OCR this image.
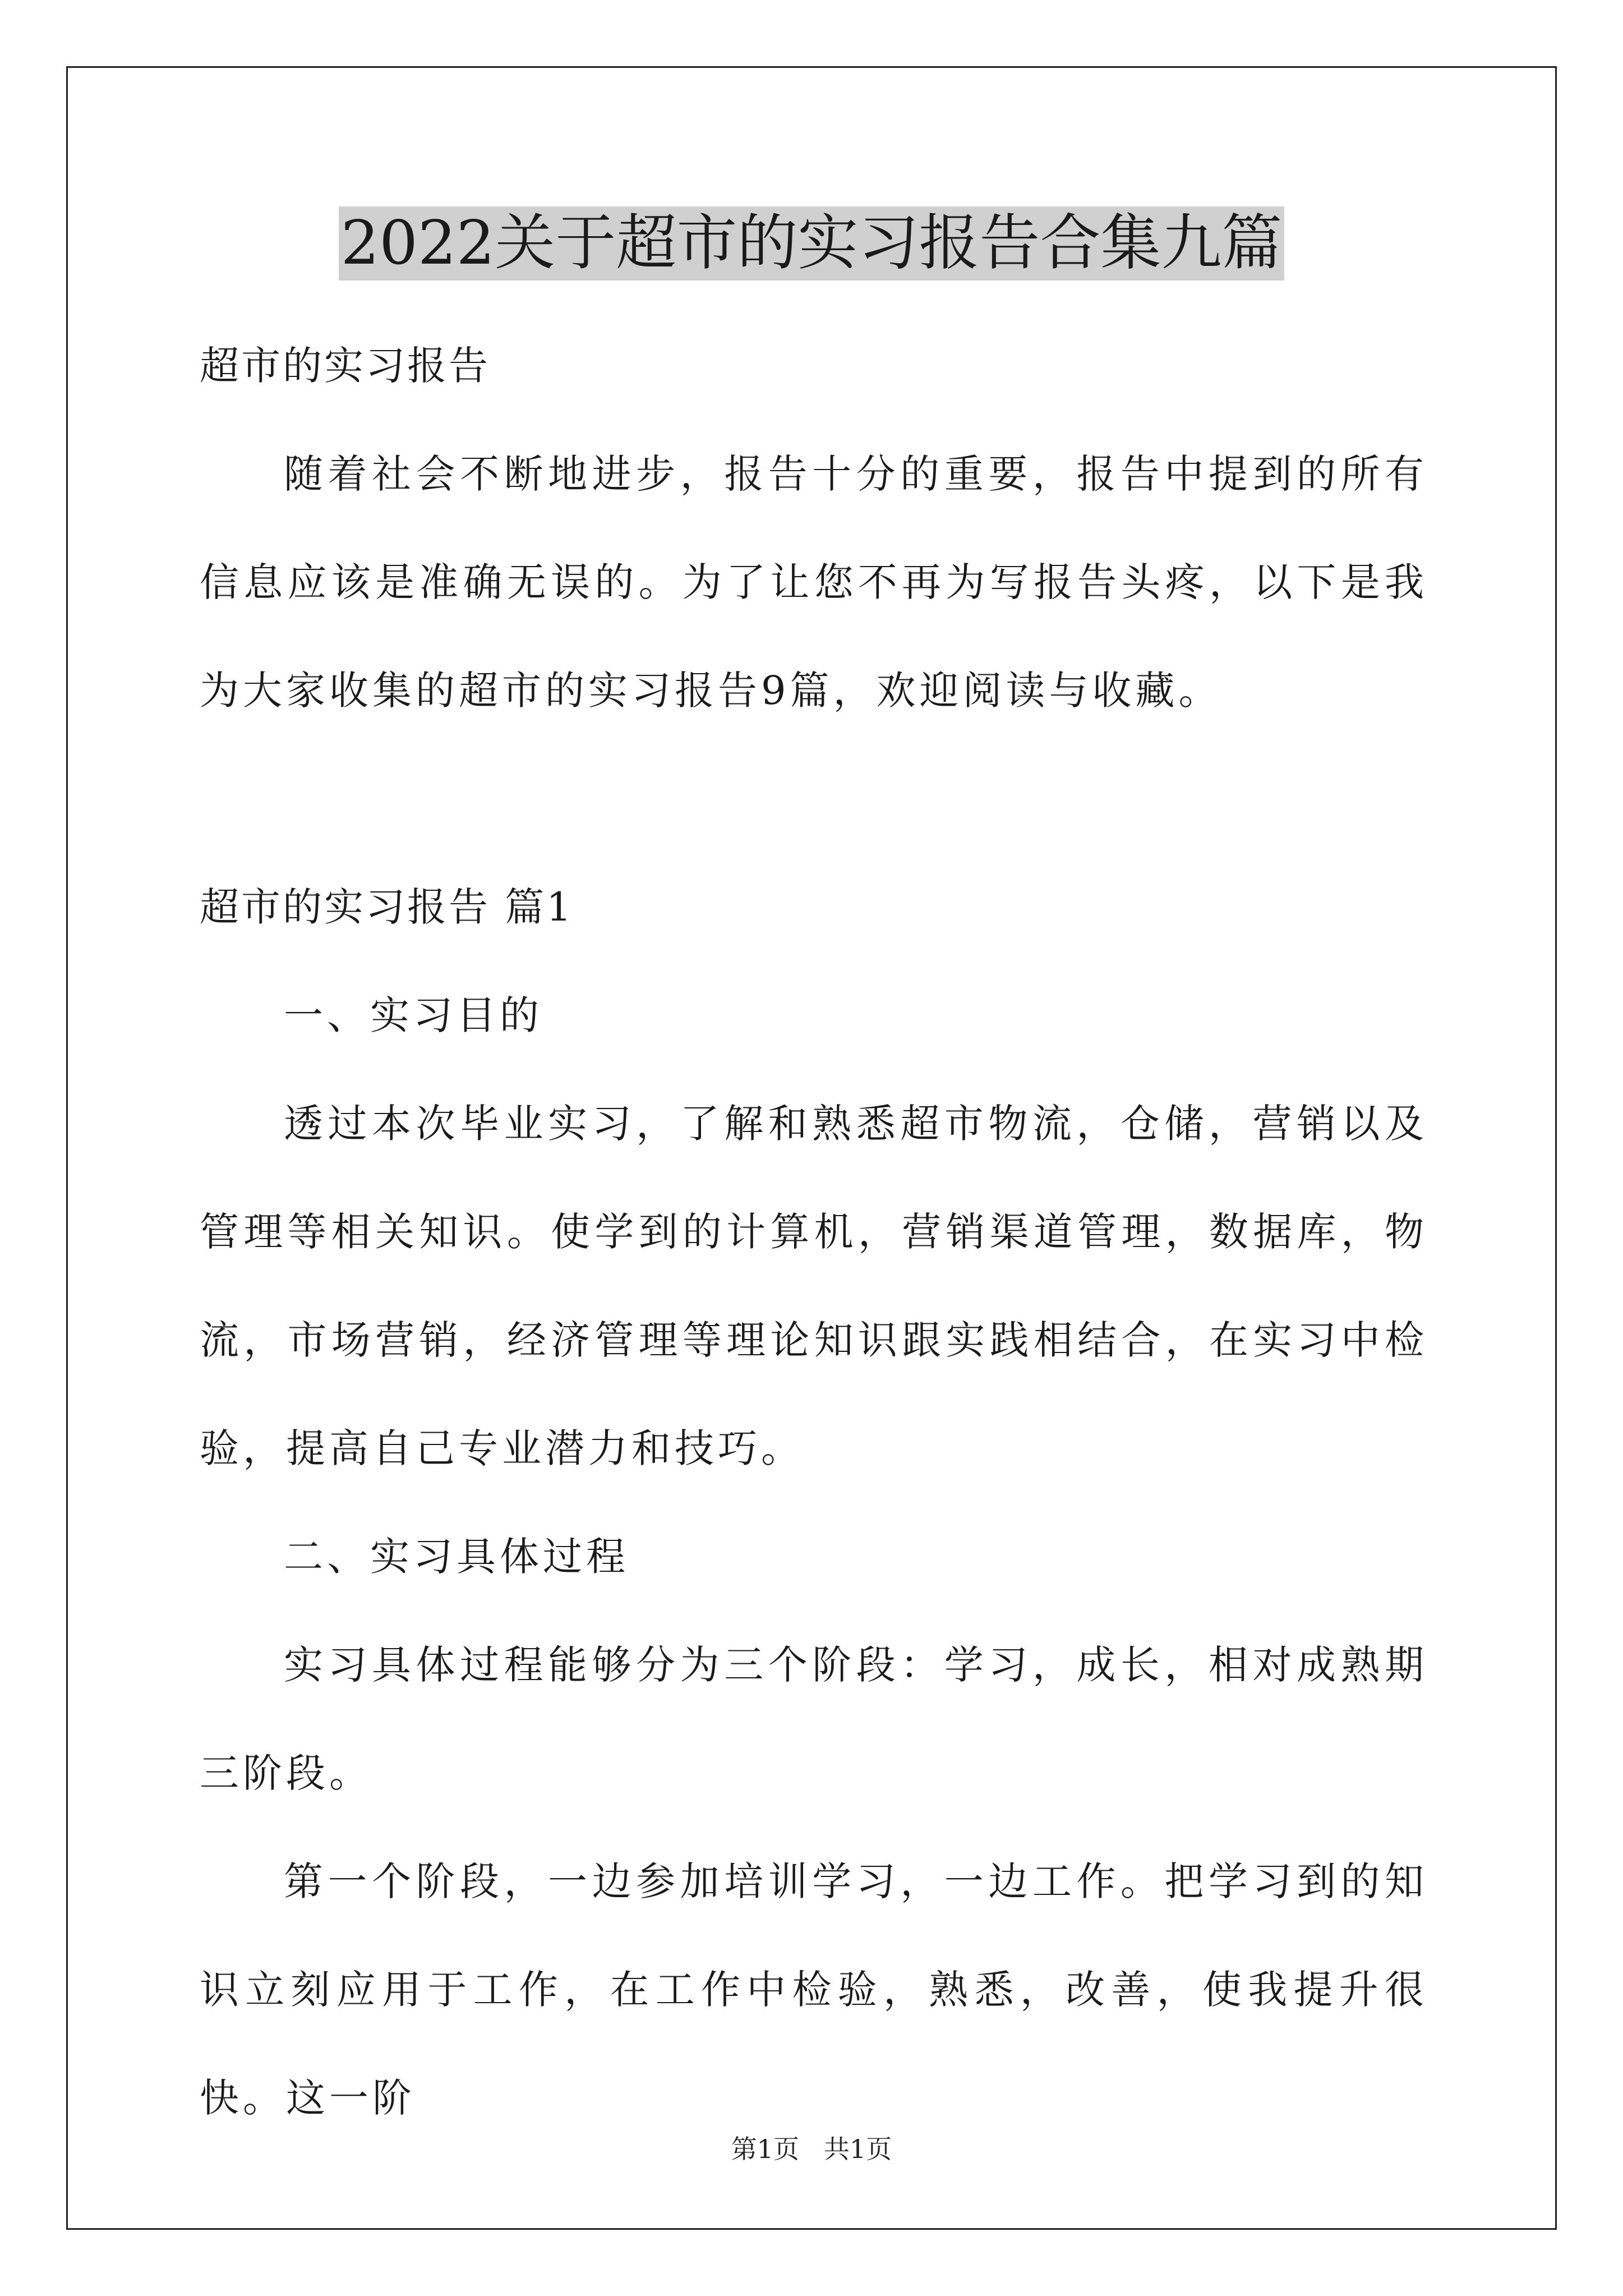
2022关于超市的实习报告合集九篇

超市的实习报告

随着社会不断地进步，报告十分的重要，报告中提到的所有信息应该是准确无误的。为了让您不再为写报告头疼，以下是我为大家收集的超市的实习报告9篇，欢迎阅读与收藏。

超市的实习报告 篇1

一、实习目的

透过本次毕业实习，了解和熟悉超市物流，仓储，营销以及管理等相关知识。使学到的计算机，营销渠道管理，数据库，物流，市场营销，经济管理等理论知识跟实践相结合，在实习中检验，提高自己专业潜力和技巧。

二、实习具体过程

实习具体过程能够分为三个阶段：学习，成长，相对成熟期三阶段。

第一个阶段，一边参加培训学习，一边工作。把学习到的知识立刻应用于工作，在工作中检验，熟悉，改善，使我提升很快。这一阶

第1页   共1页
